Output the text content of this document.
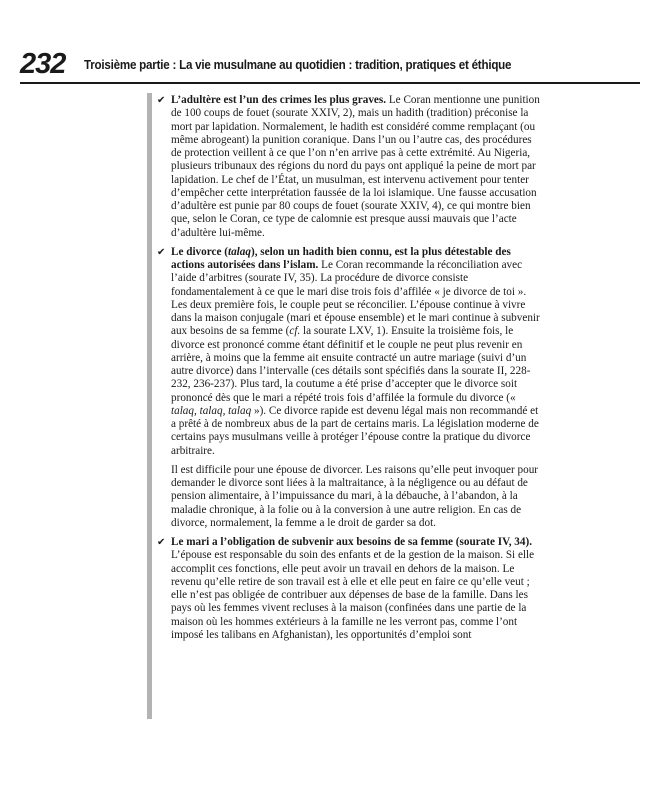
232 Troisième partie : La vie musulmane au quotidien : tradition, pratiques et éthique
✔ L’adultère est l’un des crimes les plus graves. Le Coran mentionne une punition de 100 coups de fouet (sourate XXIV, 2), mais un hadith (tradition) préconise la mort par lapidation. Normalement, le hadith est considéré comme remplaçant (ou même abrogeant) la punition coranique. Dans l’un ou l’autre cas, des procédures de protection veillent à ce que l’on n’en arrive pas à cette extrémité. Au Nigeria, plusieurs tribunaux des régions du nord du pays ont appliqué la peine de mort par lapidation. Le chef de l’État, un musulman, est intervenu activement pour tenter d’empêcher cette interprétation faussée de la loi islamique. Une fausse accusation d’adultère est punie par 80 coups de fouet (sourate XXIV, 4), ce qui montre bien que, selon le Coran, ce type de calomnie est presque aussi mauvais que l’acte d’adultère lui-même.

✔ Le divorce (talaq), selon un hadith bien connu, est la plus détestable des actions autorisées dans l’islam. Le Coran recommande la réconciliation avec l’aide d’arbitres (sourate IV, 35). La procédure de divorce consiste fondamentalement à ce que le mari dise trois fois d’affilée « je divorce de toi ». Les deux première fois, le couple peut se réconcilier. L’épouse continue à vivre dans la maison conjugale (mari et épouse ensemble) et le mari continue à subvenir aux besoins de sa femme (cf. la sourate LXV, 1). Ensuite la troisième fois, le divorce est prononcé comme étant définitif et le couple ne peut plus revenir en arrière, à moins que la femme ait ensuite contracté un autre mariage (suivi d’un autre divorce) dans l’intervalle (ces détails sont spécifiés dans la sourate II, 228-232, 236-237). Plus tard, la coutume a été prise d’accepter que le divorce soit prononcé dès que le mari a répété trois fois d’affilée la formule du divorce (« talaq, talaq, talaq »). Ce divorce rapide est devenu légal mais non recommandé et a prêté à de nombreux abus de la part de certains maris. La législation moderne de certains pays musulmans veille à protéger l’épouse contre la pratique du divorce arbitraire.

Il est difficile pour une épouse de divorcer. Les raisons qu’elle peut invoquer pour demander le divorce sont liées à la maltraitance, à la négligence ou au défaut de pension alimentaire, à l’impuissance du mari, à la débauche, à l’abandon, à la maladie chronique, à la folie ou à la conversion à une autre religion. En cas de divorce, normalement, la femme a le droit de garder sa dot.

✔ Le mari a l’obligation de subvenir aux besoins de sa femme (sourate IV, 34). L’épouse est responsable du soin des enfants et de la gestion de la maison. Si elle accomplit ces fonctions, elle peut avoir un travail en dehors de la maison. Le revenu qu’elle retire de son travail est à elle et elle peut en faire ce qu’elle veut ; elle n’est pas obligée de contribuer aux dépenses de base de la famille. Dans les pays où les femmes vivent recluses à la maison (confinées dans une partie de la maison où les hommes extérieurs à la famille ne les verront pas, comme l’ont imposé les talibans en Afghanistan), les opportunités d’emploi sont
